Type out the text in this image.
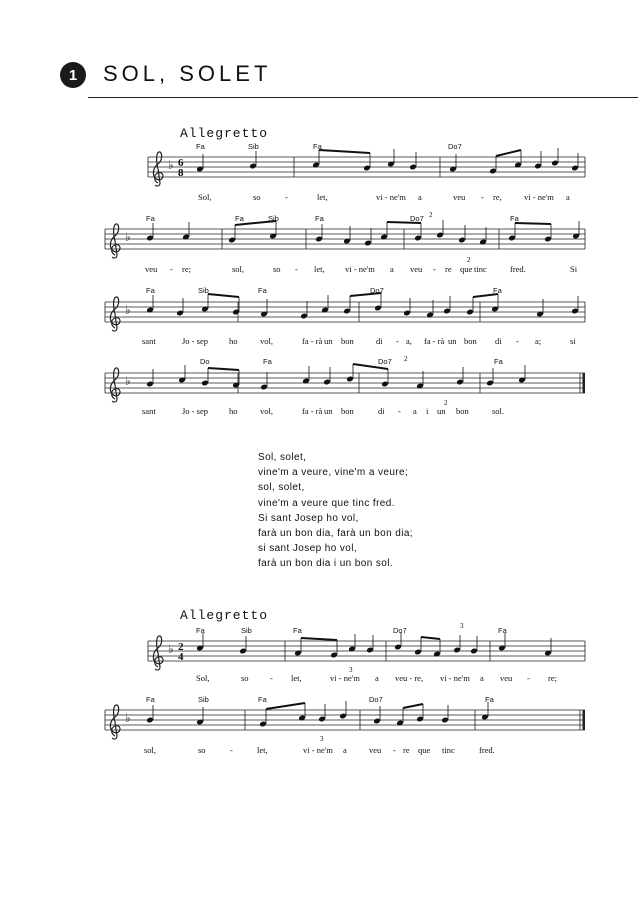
1	SOL, SOLET
Allegretto
Allegretto
♭ 6
8
Fa	Sib	Fa	Do7
Sol,	so	-	let,	vi - ne'm a	veu - re,	vi - ne'm a
♭
Fa	Fa	Sib	Fa	Do7	Fa
veu - re;	sol,	so - let, vi - ne'm a veu - re que tinc	fred.	Si
2
2
♭
Fa	Sib	Fa	Do7	Fa
sant	Jo - sep ho	vol,	fa - rà un bon	di - a, fa - rà un bon di - a;	si
♭
Do	Fa	Do7	Fa
sant	Jo - sep ho	vol,	fa - rà un bon	di - a i un bon	sol.
2
2
♭ 2
4
Fa	Sib	Fa	Do7	Fa
Sol,	so	- let,	vi - ne'm a veu - re, vi - ne'm a veu - re;
3
3
♭
Fa	Sib	Fa	Do7	Fa
sol,	so	-	let,	vi - ne'm a	veu - re que tinc	fred.
3
Sol, solet,
vine'm a veure, vine'm a veure;
sol, solet,
vine'm a veure que tinc fred.
Si sant Josep ho vol,
farà un bon dia, farà un bon dia;
si sant Josep ho vol,
farà un bon dia i un bon sol.
